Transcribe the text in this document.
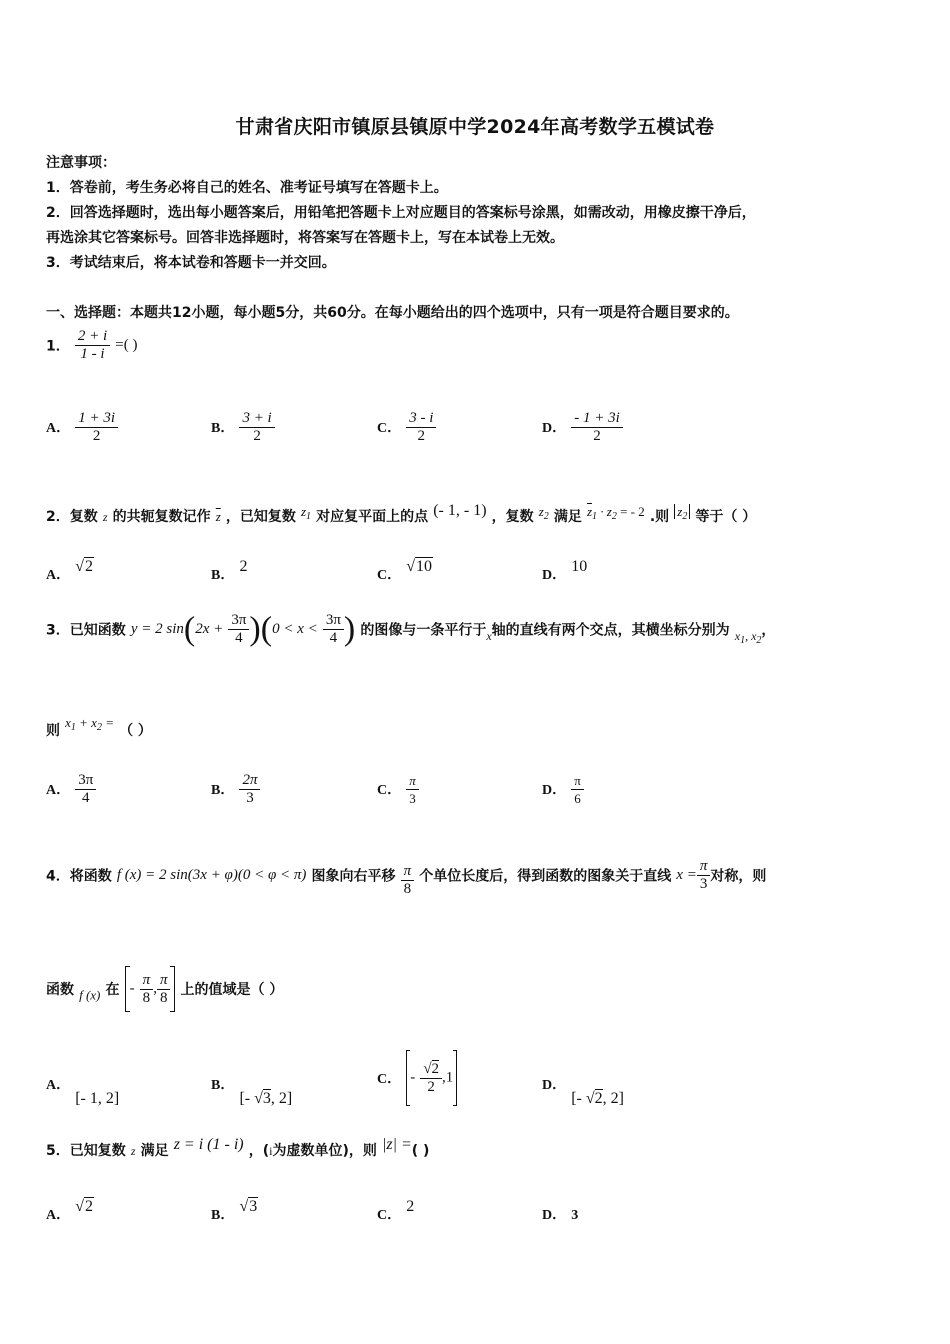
甘肃省庆阳市镇原县镇原中学2024年高考数学五模试卷
注意事项：
1．答卷前，考生务必将自己的姓名、准考证号填写在答题卡上。
2．回答选择题时，选出每小题答案后，用铅笔把答题卡上对应题目的答案标号涂黑，如需改动，用橡皮擦干净后，
再选涂其它答案标号。回答非选择题时，将答案写在答题卡上，写在本试卷上无效。
3．考试结束后，将本试卷和答题卡一并交回。
一、选择题：本题共12小题，每小题5分，共60分。在每小题给出的四个选项中，只有一项是符合题目要求的。
1． $\frac{2 + i}{1 - i}$ =( )
A． $\frac{1 + 3i}{2}$	B． $\frac{3 + i}{2}$	C． $\frac{3 - i}{2}$	D． $\frac{- 1 + 3i}{2}$
2．复数 z 的共轭复数记作 $\overline{z}$ ，已知复数 $^{z_1}$ 对应复平面上的点 (- 1, - 1) ，复数 $^{z_2}$ 满足 $^{\overline{z}_1 \cdot z_2 = - 2}$ .则 $^{z_2}$ 等于（ ）
A． √2
B． 2
C． √10
D． 10
3．已知函数 y = 2 $\sin(2x + \frac{3\pi}{4} )(0 < x < \frac{3\pi}{4}$ ) 的图像与一条平行于$_x$轴的直线有两个交点，其横坐标分别为 $_{x_1, x_2}$，
则 $x_1 + x_2$ = （ ）
A． $\frac{3\pi}{4}$	B． $\frac{2\pi}{3}$	C． $\frac{\pi}{3}$	D． $\frac{\pi}{6}$
4．将函数 f (x) = 2 sin(3x + φ)(0 < φ < π) 图象向右平移 $\frac{\pi}{8}$ 个单位长度后，得到函数的图象关于直线 $x = \frac{\pi}{3}$ 对称，则
函数 $_{f (x)}$ 在 - $\frac{\pi}{8}$ , $\frac{\pi}{8}$ 上的值域是（ ）
A． [- 1, 2]
B． [- √3, 2]
C． - $\frac{√2}{2} ,1$	D． [- √2, 2]
5．已知复数 z 满足 z = i (1 - i) ，(i为虚数单位)，则 |z| =( )
A． √2
B． √3
C． 2
D． 3
